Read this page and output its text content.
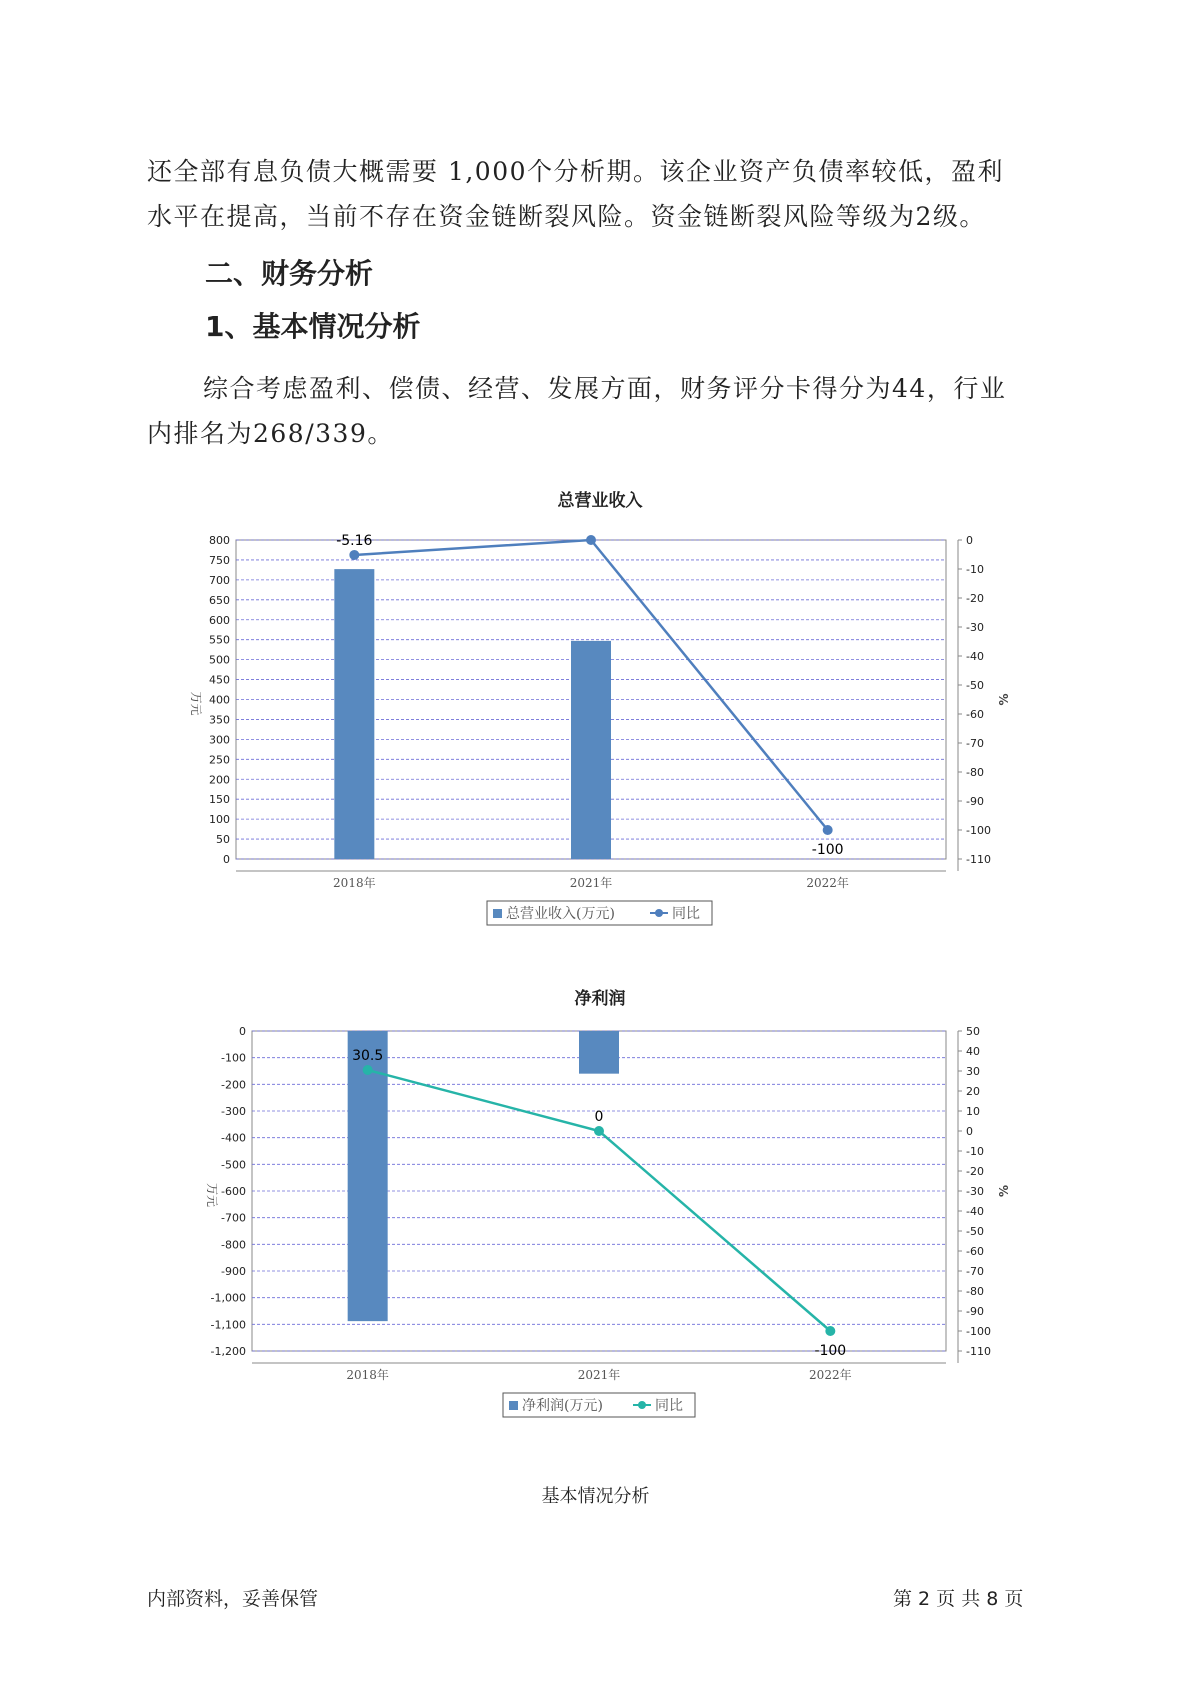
还全部有息负债大概需要 1,000个分析期。该企业资产负债率较低，盈利

水平在提高，当前不存在资金链断裂风险。资金链断裂风险等级为2级。

二、财务分析
1、基本情况分析

综合考虑盈利、偿债、经营、发展方面，财务评分卡得分为44，行业

内排名为268/339。

总营业收入
0
50
100
150
200
250
300
350
400
450
500
550
600
650
700
750
800	0
-10
-20
-30
-40
-50
-60
-70
-80
-90
-100
-110
万元	%
2018年	2021年	2022年
-5.16
-100
总营业收入(万元)	同比
净利润
0
-100
-200
-300
-400
-500
-600
-700
-800
-900
-1,000
-1,100
-1,200
50
40
30
20
10
0
-10
-20
-30
-40
-50
-60
-70
-80
-90
-100
-110
万元	%
2018年	2021年	2022年
30.5
0
-100
净利润(万元)	同比
基本情况分析
内部资料，妥善保管	第 2 页 共 8 页
